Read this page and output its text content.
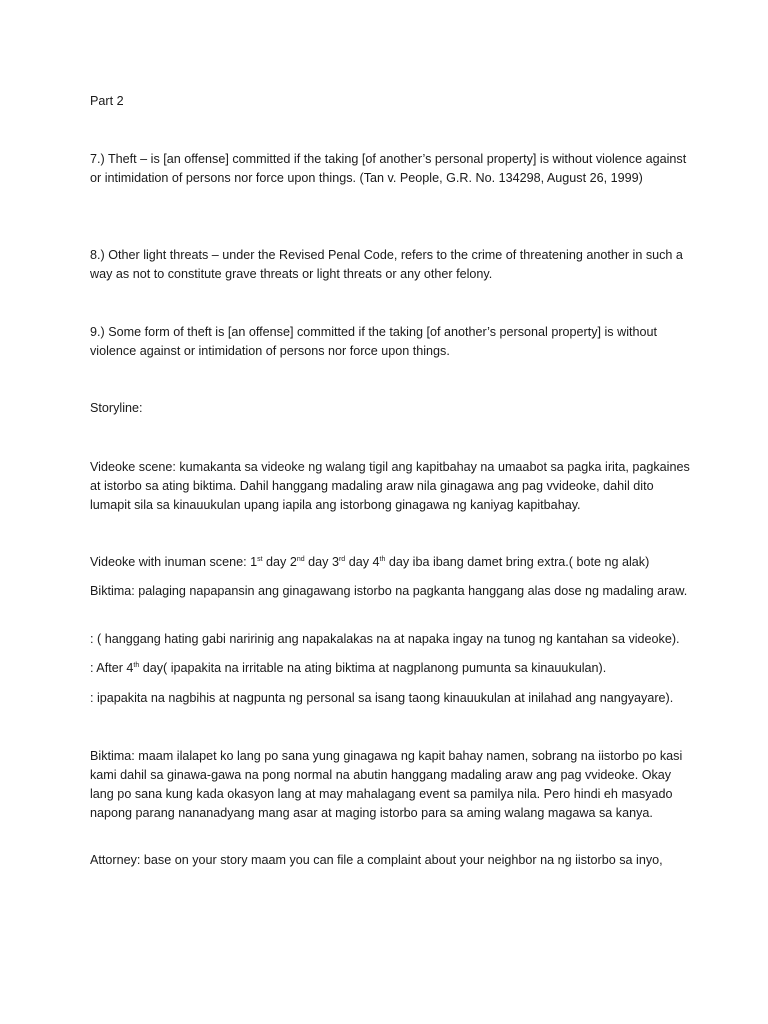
Part 2

7.) Theft – is [an offense] committed if the taking [of another’s personal property] is without violence against or intimidation of persons nor force upon things. (Tan v. People, G.R. No. 134298, August 26, 1999)

8.) Other light threats – under the Revised Penal Code, refers to the crime of threatening another in such a way as not to constitute grave threats or light threats or any other felony.

9.) Some form of theft is [an offense] committed if the taking [of another’s personal property] is without violence against or intimidation of persons nor force upon things.

Storyline:

Videoke scene: kumakanta sa videoke ng walang tigil ang kapitbahay na umaabot sa pagka irita, pagkaines at istorbo sa ating biktima. Dahil hanggang madaling araw nila ginagawa ang pag vvideoke, dahil dito lumapit sila sa kinauukulan upang iapila ang istorbong ginagawa ng kaniyag kapitbahay.

Videoke with inuman scene: 1st day 2nd day 3rd day 4th day iba ibang damet bring extra.( bote ng alak)

Biktima: palaging napapansin ang ginagawang istorbo na pagkanta hanggang alas dose ng madaling araw.

: ( hanggang hating gabi naririnig ang napakalakas na at napaka ingay na tunog ng kantahan sa videoke).

: After 4th day( ipapakita na irritable na ating biktima at nagplanong pumunta sa kinauukulan).

: ipapakita na nagbihis at nagpunta ng personal sa isang taong kinauukulan at inilahad ang nangyayare).

Biktima: maam ilalapet ko lang po sana yung ginagawa ng kapit bahay namen, sobrang na iistorbo po kasi kami dahil sa ginawa-gawa na pong normal na abutin hanggang madaling araw ang pag vvideoke. Okay lang po sana kung kada okasyon lang at may mahalagang event sa pamilya nila. Pero hindi eh masyado napong parang nananadyang mang asar at maging istorbo para sa aming walang magawa sa kanya.

Attorney: base on your story maam you can file a complaint about your neighbor na ng iistorbo sa inyo,
